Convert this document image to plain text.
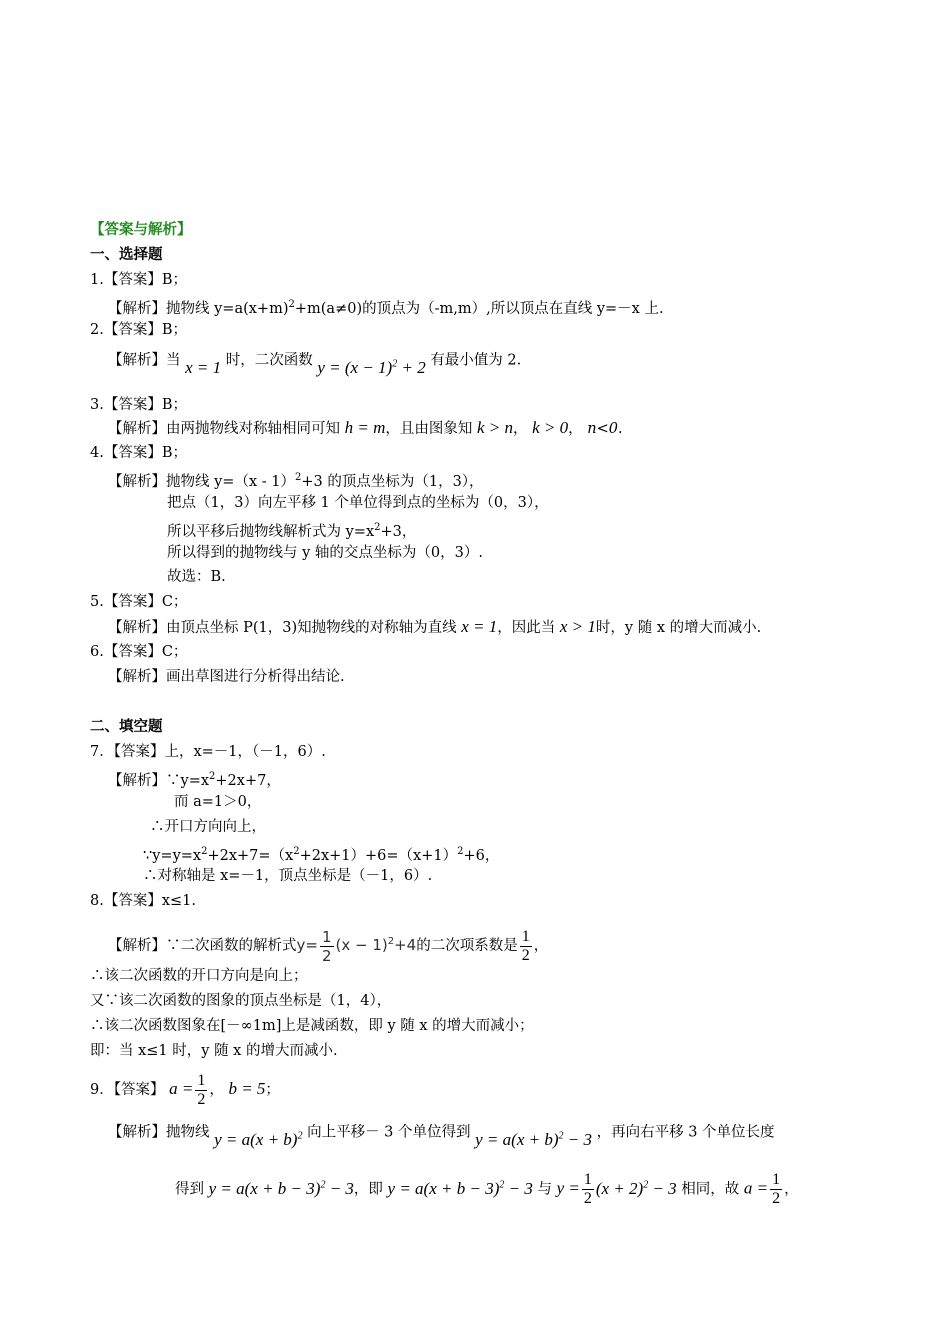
【答案与解析】
一、选择题
1.【答案】B；
【解析】抛物线 $y=a(x+m)^2+m(a\ne 0)$的顶点为（-m,m）,所以顶点在直线 y=－x 上.
2.【答案】B；
【解析】当 x = 1 时，二次函数 $y = (x - 1)^2 + 2$ 有最小值为 2.
3.【答案】B；
【解析】由两抛物线对称轴相同可知 h = m，且由图象知 k > n， k > 0， n<0.
4.【答案】B；
【解析】抛物线 y=（x - 1）$^2$+3 的顶点坐标为（1，3），
把点（1，3）向左平移 1 个单位得到点的坐标为（0，3），
所以平移后抛物线解析式为 $y=x^2+3$，
所以得到的抛物线与 y 轴的交点坐标为（0，3）.
故选：B.
5.【答案】C；
【解析】由顶点坐标 P(1，3)知抛物线的对称轴为直线 x = 1，因此当 x > 1时，y 随 x 的增大而减小.
6.【答案】C；
【解析】画出草图进行分析得出结论.
二、填空题
7．【答案】上，x=－1，（－1，6）.
【解析】$\because y=x^2+2x+7$，
而 a=1＞0，
∴开口方向向上，
$\because y=y=x^2+2x+7=(x^2+2x+1)+6=(x+1)^2+6$，
∴对称轴是 x=－1，顶点坐标是（－1，6）.
8.【答案】x≤1.
【解析】∵二次函数的解析式$y= \frac{1}{2} (x - 1)^2+4$的二次项系数是 $\frac{1}{2}$ ，
∴该二次函数的开口方向是向上；
又∵该二次函数的图象的顶点坐标是（1，4），
∴该二次函数图象在[－∞1m]上是减函数，即 y 随 x 的增大而减小；
即：当 x≤1 时，y 随 x 的增大而减小.
9．【答案】 $a = \frac{1}{2}$ ， b = 5；
【解析】抛物线 $y = a(x + b)^2$ 向上平移－ 3 个单位得到 $y = a(x + b)^2 - 3$ ，再向右平移 3 个单位长度
得到 $y = a(x + b - 3)^2 - 3$，即 $y = a(x + b - 3)^2 - 3$ 与 $y = \frac{1}{2} (x + 2)^2 - 3$ 相同，故 $a = \frac{1}{2}$ ，
